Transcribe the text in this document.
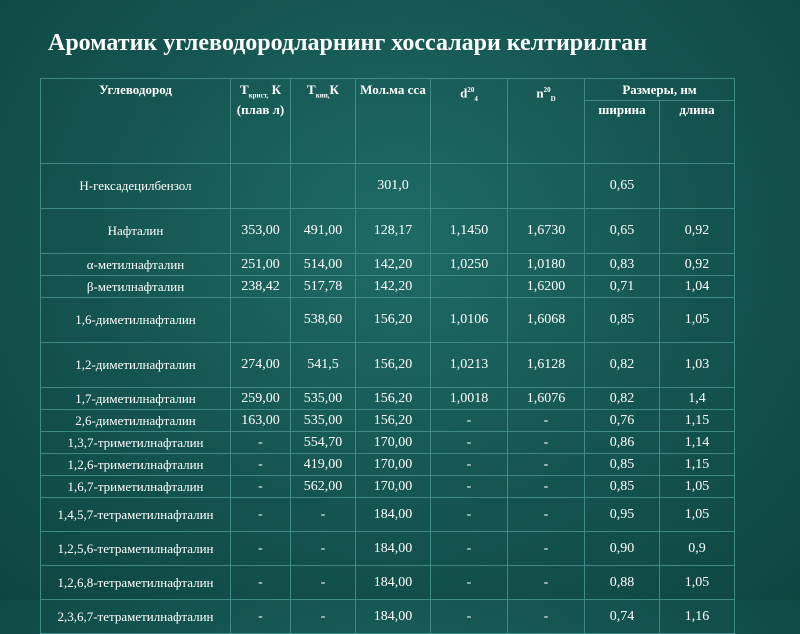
Ароматик углеводородларнинг хоссалари келтирилган
Углеводород	$Т_{крист,}$ К (плав л)	$Т_{кип,}К$	Мол.ма сса	$d^{20}_4$	$n^{20}_D$	Размеры, нм	
						ширина	длина
Н-гексадецилбензол			301,0			0,65	
Нафталин	353,00	491,00	128,17	1,1450	1,6730	0,65	0,92
α-метилнафталин	251,00	514,00	142,20	1,0250	1,0180	0,83	0,92
β-метилнафталин	238,42	517,78	142,20		1,6200	0,71	1,04
1,6-диметилнафталин		538,60	156,20	1,0106	1,6068	0,85	1,05
1,2-диметилнафталин	274,00	541,5	156,20	1,0213	1,6128	0,82	1,03
1,7-диметилнафталин	259,00	535,00	156,20	1,0018	1,6076	0,82	1,4
2,6-диметилнафталин	163,00	535,00	156,20	-	-	0,76	1,15
1,3,7-триметилнафталин	-	554,70	170,00	-	-	0,86	1,14
1,2,6-триметилнафталин	-	419,00	170,00	-	-	0,85	1,15
1,6,7-триметилнафталин	-	562,00	170,00	-	-	0,85	1,05
1,4,5,7-тетраметилнафталин	-	-	184,00	-	-	0,95	1,05
1,2,5,6-тетраметилнафталин	-	-	184,00	-	-	0,90	0,9
1,2,6,8-тетраметилнафталин	-	-	184,00	-	-	0,88	1,05
2,3,6,7-тетраметилнафталин	-	-	184,00	-	-	0,74	1,16
